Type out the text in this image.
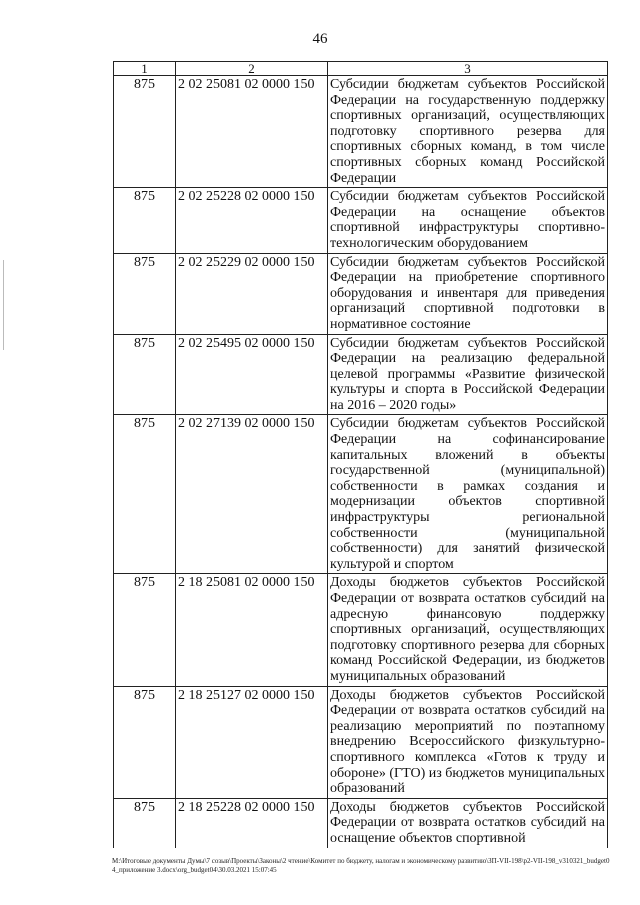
46
1	2	3
875	2 02 25081 02 0000 150	Субсидии бюджетам субъектов Российской Федерации на государственную поддержку спортивных организаций, осуществляющих подготовку спортивного резерва для спортивных сборных команд, в том числе спортивных сборных команд Российской Федерации
875	2 02 25228 02 0000 150	Субсидии бюджетам субъектов Российской Федерации на оснащение объектов спортивной инфраструктуры спортивно-технологическим оборудованием
875	2 02 25229 02 0000 150	Субсидии бюджетам субъектов Российской Федерации на приобретение спортивного оборудования и инвентаря для приведения организаций спортивной подготовки в нормативное состояние
875	2 02 25495 02 0000 150	Субсидии бюджетам субъектов Российской Федерации на реализацию федеральной целевой программы «Развитие физической культуры и спорта в Российской Федерации на 2016 – 2020 годы»
875	2 02 27139 02 0000 150	Субсидии бюджетам субъектов Российской Федерации на софинансирование капитальных вложений в объекты государственной (муниципальной) собственности в рамках создания и модернизации объектов спортивной инфраструктуры региональной собственности (муниципальной собственности) для занятий физической культурой и спортом
875	2 18 25081 02 0000 150	Доходы бюджетов субъектов Российской Федерации от возврата остатков субсидий на адресную финансовую поддержку спортивных организаций, осуществляющих подготовку спортивного резерва для сборных команд Российской Федерации, из бюджетов муниципальных образований
875	2 18 25127 02 0000 150	Доходы бюджетов субъектов Российской Федерации от возврата остатков субсидий на реализацию мероприятий по поэтапному внедрению Всероссийского физкультурно-спортивного комплекса «Готов к труду и обороне» (ГТО) из бюджетов муниципальных образований
875	2 18 25228 02 0000 150	Доходы бюджетов субъектов Российской Федерации от возврата остатков субсидий на оснащение объектов спортивной
M:\Итоговые документы Думы\7 созыв\Проекты\Законы\2 чтение\Комитет по бюджету, налогам и экономическому развитию\ЗП-VII-198\р2-VII-198_v310321_budget04_приложение 3.docx\org_budget04\30.03.2021 15:07:45
